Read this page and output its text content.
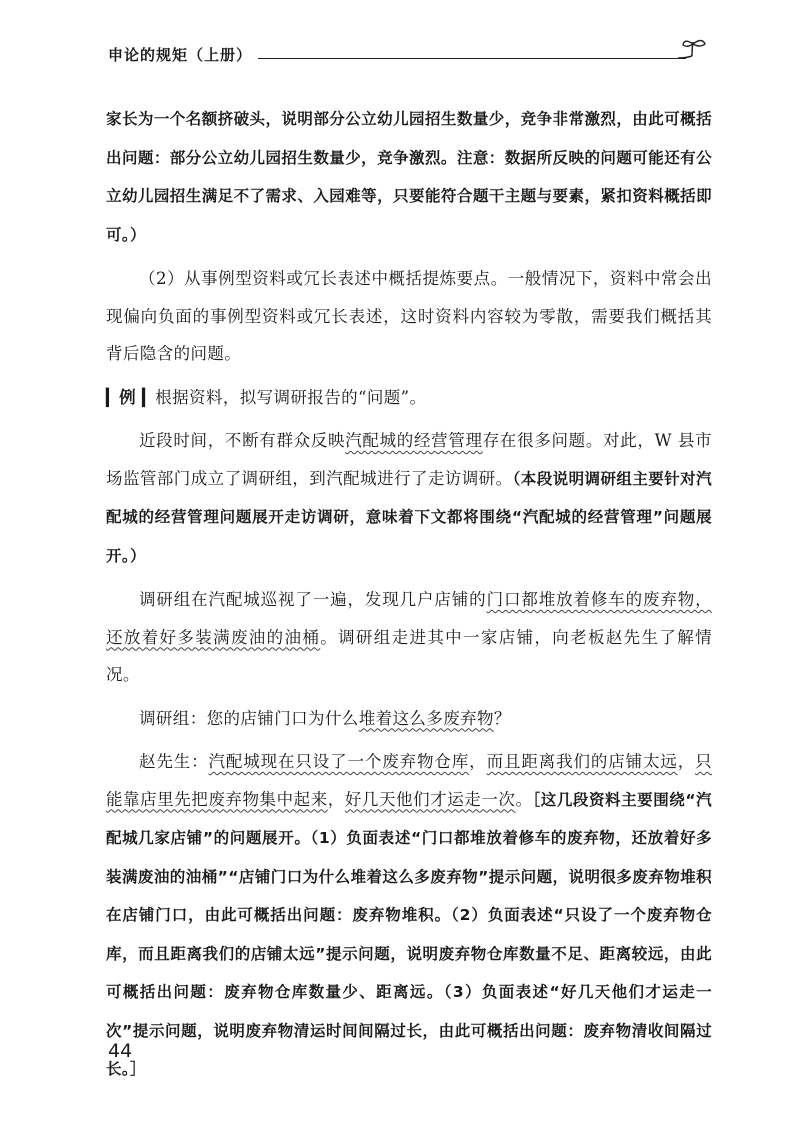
申论的规矩（上册）

家长为一个名额挤破头，说明部分公立幼儿园招生数量少，竞争非常激烈，由此可概括出问题：部分公立幼儿园招生数量少，竞争激烈。注意：数据所反映的问题可能还有公立幼儿园招生满足不了需求、入园难等，只要能符合题干主题与要素，紧扣资料概括即可。）

（2）从事例型资料或冗长表述中概括提炼要点。一般情况下，资料中常会出现偏向负面的事例型资料或冗长表述，这时资料内容较为零散，需要我们概括其背后隐含的问题。

▎例 ▎根据资料，拟写调研报告的“问题”。

近段时间，不断有群众反映汽配城的经营管理存在很多问题。对此，W 县市场监管部门成立了调研组，到汽配城进行了走访调研。（本段说明调研组主要针对汽配城的经营管理问题展开走访调研，意味着下文都将围绕“汽配城的经营管理”问题展开。）

调研组在汽配城巡视了一遍，发现几户店铺的门口都堆放着修车的废弃物，还放着好多装满废油的油桶。调研组走进其中一家店铺，向老板赵先生了解情况。

调研组：您的店铺门口为什么堆着这么多废弃物？

赵先生：汽配城现在只设了一个废弃物仓库，而且距离我们的店铺太远，只能靠店里先把废弃物集中起来，好几天他们才运走一次。［这几段资料主要围绕“汽配城几家店铺”的问题展开。（1）负面表述“门口都堆放着修车的废弃物，还放着好多装满废油的油桶”“店铺门口为什么堆着这么多废弃物”提示问题，说明很多废弃物堆积在店铺门口，由此可概括出问题：废弃物堆积。（2）负面表述“只设了一个废弃物仓库，而且距离我们的店铺太远”提示问题，说明废弃物仓库数量不足、距离较远，由此可概括出问题：废弃物仓库数量少、距离远。（3）负面表述“好几天他们才运走一次”提示问题，说明废弃物清运时间间隔过长，由此可概括出问题：废弃物清收间隔过长。］

44
